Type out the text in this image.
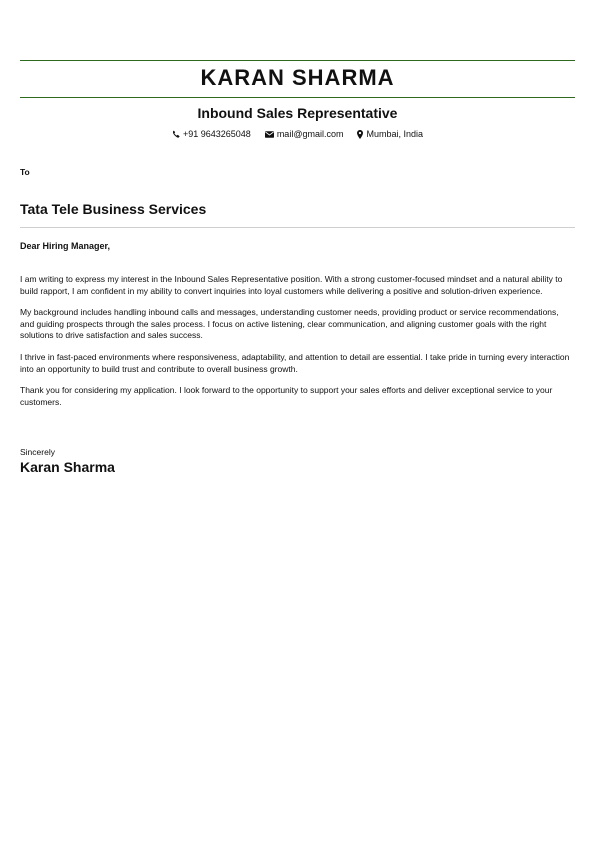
KARAN SHARMA
Inbound Sales Representative
+91 9643265048	mail@gmail.com	Mumbai, India
To
Tata Tele Business Services
Dear Hiring Manager,

I am writing to express my interest in the Inbound Sales Representative position. With a strong customer-focused mindset and a natural ability to build rapport, I am confident in my ability to convert inquiries into loyal customers while delivering a positive and solution-driven experience.

My background includes handling inbound calls and messages, understanding customer needs, providing product or service recommendations, and guiding prospects through the sales process. I focus on active listening, clear communication, and aligning customer goals with the right solutions to drive satisfaction and sales success.

I thrive in fast-paced environments where responsiveness, adaptability, and attention to detail are essential. I take pride in turning every interaction into an opportunity to build trust and contribute to overall business growth.

Thank you for considering my application. I look forward to the opportunity to support your sales efforts and deliver exceptional service to your customers.

Sincerely
Karan Sharma
